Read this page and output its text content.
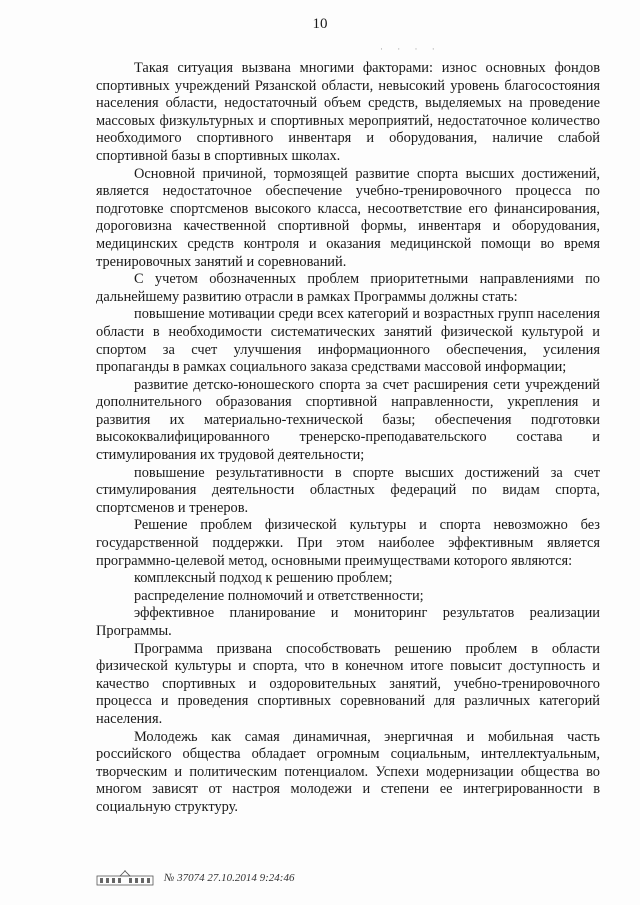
10
· · · ·

Такая ситуация вызвана многими факторами: износ основных фондов спортивных учреждений Рязанской области, невысокий уровень благосостояния населения области, недостаточный объем средств, выделяемых на проведение массовых физкультурных и спортивных мероприятий, недостаточное количество необходимого спортивного инвентаря и оборудования, наличие слабой спортивной базы в спортивных школах.

Основной причиной, тормозящей развитие спорта высших достижений, является недостаточное обеспечение учебно-тренировочного процесса по подготовке спортсменов высокого класса, несоответствие его финансирования, дороговизна качественной спортивной формы, инвентаря и оборудования, медицинских средств контроля и оказания медицинской помощи во время тренировочных занятий и соревнований.

С учетом обозначенных проблем приоритетными направлениями по дальнейшему развитию отрасли в рамках Программы должны стать:

повышение мотивации среди всех категорий и возрастных групп населения области в необходимости систематических занятий физической культурой и спортом за счет улучшения информационного обеспечения, усиления пропаганды в рамках социального заказа средствами массовой информации;

развитие детско-юношеского спорта за счет расширения сети учреждений дополнительного образования спортивной направленности, укрепления и развития их материально-технической базы; обеспечения подготовки высококвалифицированного тренерско-преподавательского состава и стимулирования их трудовой деятельности;

повышение результативности в спорте высших достижений за счет стимулирования деятельности областных федераций по видам спорта, спортсменов и тренеров.

Решение проблем физической культуры и спорта невозможно без государственной поддержки. При этом наиболее эффективным является программно-целевой метод, основными преимуществами которого являются:

комплексный подход к решению проблем;

распределение полномочий и ответственности;

эффективное планирование и мониторинг результатов реализации Программы.

Программа призвана способствовать решению проблем в области физической культуры и спорта, что в конечном итоге повысит доступность и качество спортивных и оздоровительных занятий, учебно-тренировочного процесса и проведения спортивных соревнований для различных категорий населения.

Молодежь как самая динамичная, энергичная и мобильная часть российского общества обладает огромным социальным, интеллектуальным, творческим и политическим потенциалом. Успехи модернизации общества во многом зависят от настроя молодежи и степени ее интегрированности в социальную структуру.

№ 37074 27.10.2014 9:24:46
